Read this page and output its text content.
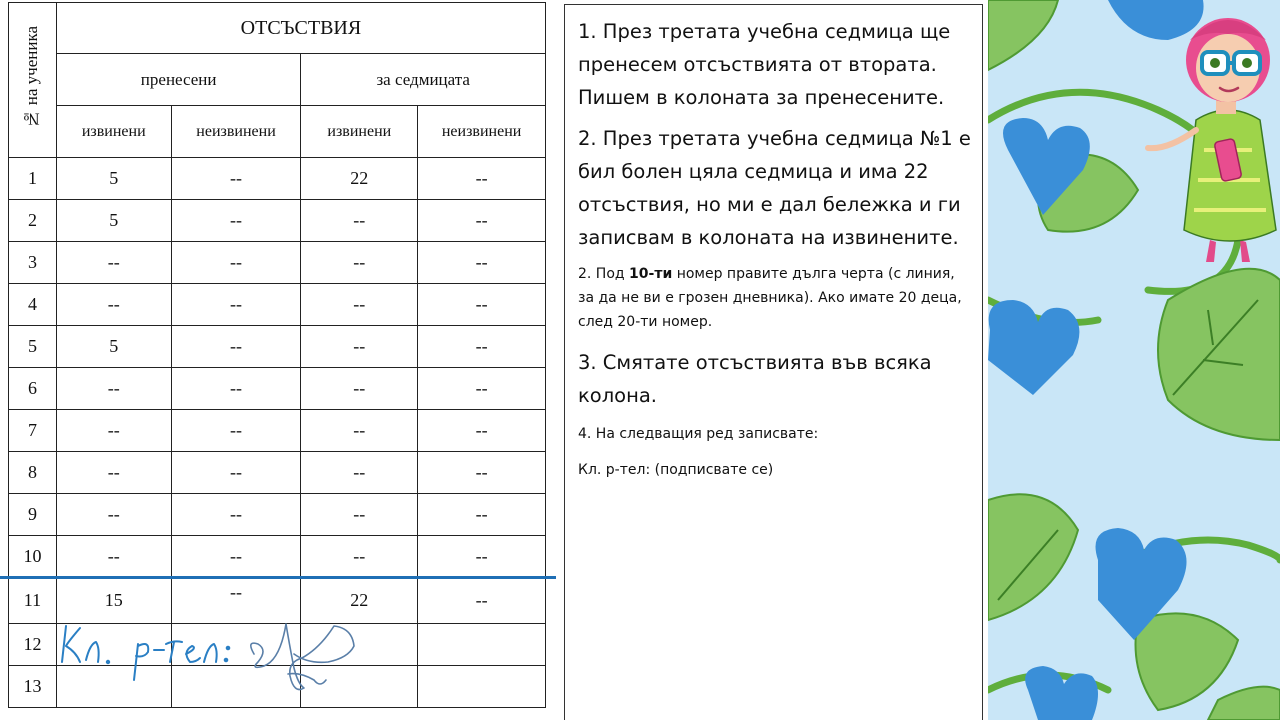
№ на ученика	ОТСЪСТВИЯ			
	пренесени		за седмицата	
	извинени	неизвинени	извинени	неизвинени
1	5	--	22	--
2	5	--	--	--
3	--	--	--	--
4	--	--	--	--
5	5	--	--	--
6	--	--	--	--
7	--	--	--	--
8	--	--	--	--
9	--	--	--	--
10	--	--	--	--
11	15	--	22	--
12				
13				

1. През третата учебна седмица ще пренесем отсъствията от втората. Пишем в колоната за пренесените.

2. През третата учебна седмица №1 е бил болен цяла седмица и има 22 отсъствия, но ми е дал бележка и ги записвам в колоната на извинените.

2. Под 10-ти номер правите дълга черта (с линия, за да не ви е грозен дневника). Ако имате 20 деца, след 20-ти номер.

3. Смятате отсъствията във всяка колона.

4. На следващия ред записвате:

Кл. р-тел: (подписвате се)
